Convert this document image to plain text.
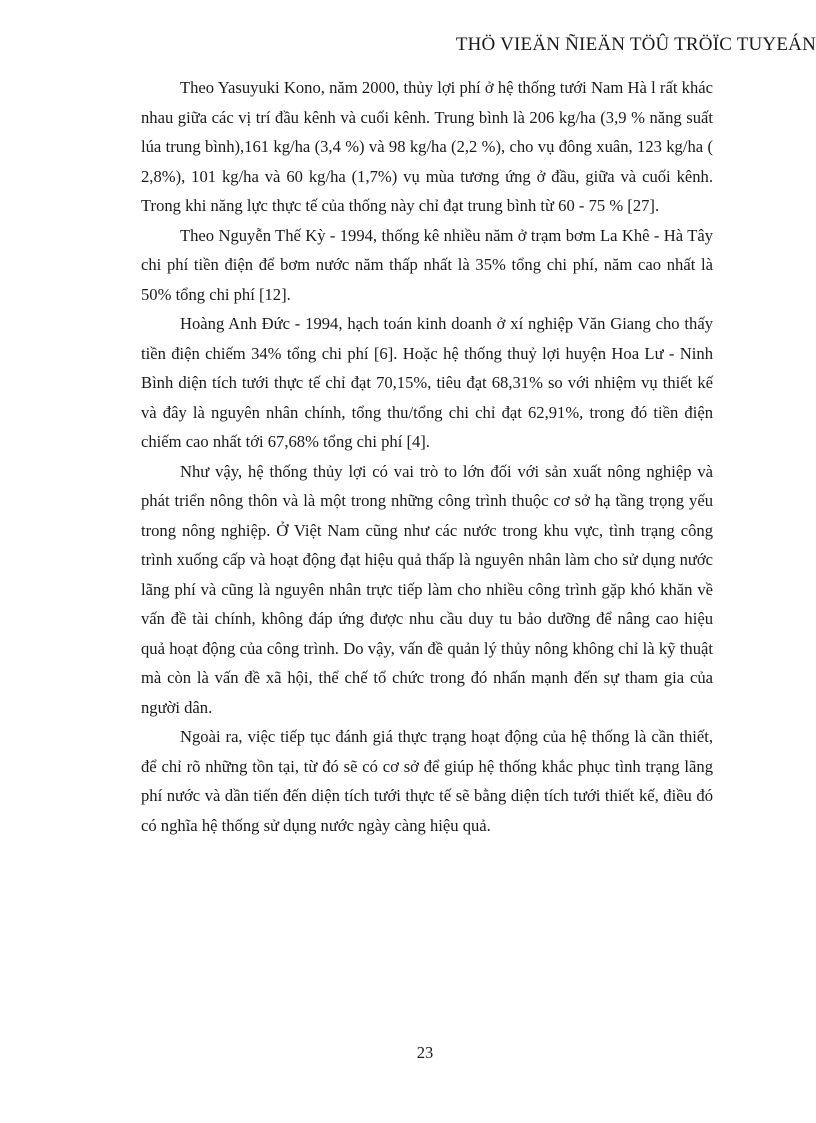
THÖ VIEÄN ÑIEÄN TÖÛ TRÖÏC TUYEÁN

Theo Yasuyuki Kono, năm 2000, thủy lợi phí ở hệ thống tưới Nam Hà l rất khác nhau giữa các vị trí đầu kênh và cuối kênh. Trung bình là 206 kg/ha (3,9 % năng suất lúa trung bình),161 kg/ha (3,4 %) và 98 kg/ha (2,2 %), cho vụ đông xuân, 123 kg/ha ( 2,8%), 101 kg/ha và 60 kg/ha (1,7%) vụ mùa tương ứng ở đầu, giữa và cuối kênh. Trong khi năng lực thực tế của thống này chỉ đạt trung bình từ 60 - 75 % [27].

Theo Nguyễn Thế Kỳ - 1994, thống kê nhiều năm ở trạm bơm La Khê - Hà Tây chi phí tiền điện để bơm nước năm thấp nhất là 35% tổng chi phí, năm cao nhất là 50% tổng chi phí [12].

Hoàng Anh Đức - 1994, hạch toán kinh doanh ở xí nghiệp Văn Giang cho thấy tiền điện chiếm 34% tổng chi phí [6]. Hoặc hệ thống thuỷ lợi huyện Hoa Lư - Ninh Bình diện tích tưới thực tế chỉ đạt 70,15%, tiêu đạt 68,31% so với nhiệm vụ thiết kế và đây là nguyên nhân chính, tổng thu/tổng chi chỉ đạt 62,91%, trong đó tiền điện chiếm cao nhất tới 67,68% tổng chi phí [4].

Như vậy, hệ thống thủy lợi có vai trò to lớn đối với sản xuất nông nghiệp và phát triển nông thôn và là một trong những công trình thuộc cơ sở hạ tầng trọng yếu trong nông nghiệp. Ở Việt Nam cũng như các nước trong khu vực, tình trạng công trình xuống cấp và hoạt động đạt hiệu quả thấp là nguyên nhân làm cho sử dụng nước lãng phí và cũng là nguyên nhân trực tiếp làm cho nhiều công trình gặp khó khăn về vấn đề tài chính, không đáp ứng được nhu cầu duy tu bảo dưỡng để nâng cao hiệu quả hoạt động của công trình. Do vậy, vấn đề quản lý thủy nông không chỉ là kỹ thuật mà còn là vấn đề xã hội, thể chế tổ chức trong đó nhấn mạnh đến sự tham gia của người dân.

Ngoài ra, việc tiếp tục đánh giá thực trạng hoạt động của hệ thống là cần thiết, để chỉ rõ những tồn tại, từ đó sẽ có cơ sở để giúp hệ thống khắc phục tình trạng lãng phí nước và dần tiến đến diện tích tưới thực tế sẽ bằng diện tích tưới thiết kế, điều đó có nghĩa hệ thống sử dụng nước ngày càng hiệu quả.

23
